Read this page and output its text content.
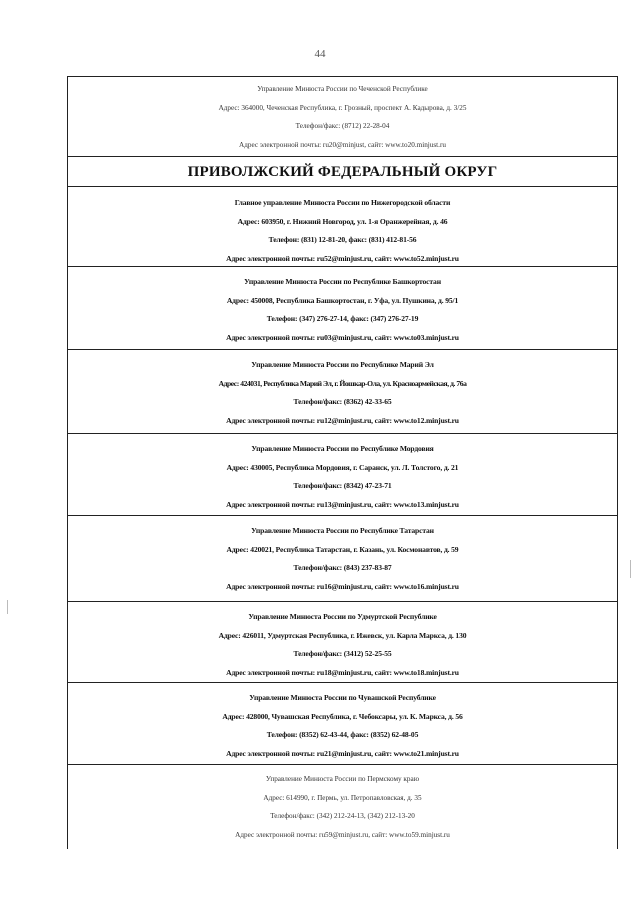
44
Управление Минюста России по Чеченской Республике
Адрес: 364000, Чеченская Республика, г. Грозный, проспект А. Кадырова, д. 3/25
Телефон/факс: (8712) 22-28-04
Адрес электронной почты: ru20@minjust, сайт: www.to20.minjust.ru
ПРИВОЛЖСКИЙ ФЕДЕРАЛЬНЫЙ ОКРУГ
Главное управление Минюста России по Нижегородской области
Адрес: 603950, г. Нижний Новгород, ул. 1-я Оранжерейная, д. 46
Телефон: (831) 12-81-20, факс: (831) 412-81-56
Адрес электронной почты: ru52@minjust.ru, сайт: www.to52.minjust.ru
Управление Минюста России по Республике Башкортостан
Адрес: 450008, Республика Башкортостан, г. Уфа, ул. Пушкина, д. 95/1
Телефон: (347) 276-27-14, факс: (347) 276-27-19
Адрес электронной почты: ru03@minjust.ru, сайт: www.to03.minjust.ru
Управление Минюста России по Республике Марий Эл
Адрес: 424031, Республика Марий Эл, г. Йошкар-Ола, ул. Красноармейская, д. 76а
Телефон/факс: (8362) 42-33-65
Адрес электронной почты: ru12@minjust.ru, сайт: www.to12.minjust.ru
Управление Минюста России по Республике Мордовия
Адрес: 430005, Республика Мордовия, г. Саранск, ул. Л. Толстого, д. 21
Телефон/факс: (8342) 47-23-71
Адрес электронной почты: ru13@minjust.ru, сайт: www.to13.minjust.ru
Управление Минюста России по Республике Татарстан
Адрес: 420021, Республика Татарстан, г. Казань, ул. Космонавтов, д. 59
Телефон/факс: (843) 237-83-87
Адрес электронной почты: ru16@minjust.ru, сайт: www.to16.minjust.ru
Управление Минюста России по Удмуртской Республике
Адрес: 426011, Удмуртская Республика, г. Ижевск, ул. Карла Маркса, д. 130
Телефон/факс: (3412) 52-25-55
Адрес электронной почты: ru18@minjust.ru, сайт: www.to18.minjust.ru
Управление Минюста России по Чувашской Республике
Адрес: 428000, Чувашская Республика, г. Чебоксары, ул. К. Маркса, д. 56
Телефон: (8352) 62-43-44, факс: (8352) 62-48-05
Адрес электронной почты: ru21@minjust.ru, сайт: www.to21.minjust.ru
Управление Минюста России по Пермскому краю
Адрес: 614990, г. Пермь, ул. Петропавловская, д. 35
Телефон/факс: (342) 212-24-13, (342) 212-13-20
Адрес электронной почты: ru59@minjust.ru, сайт: www.to59.minjust.ru
